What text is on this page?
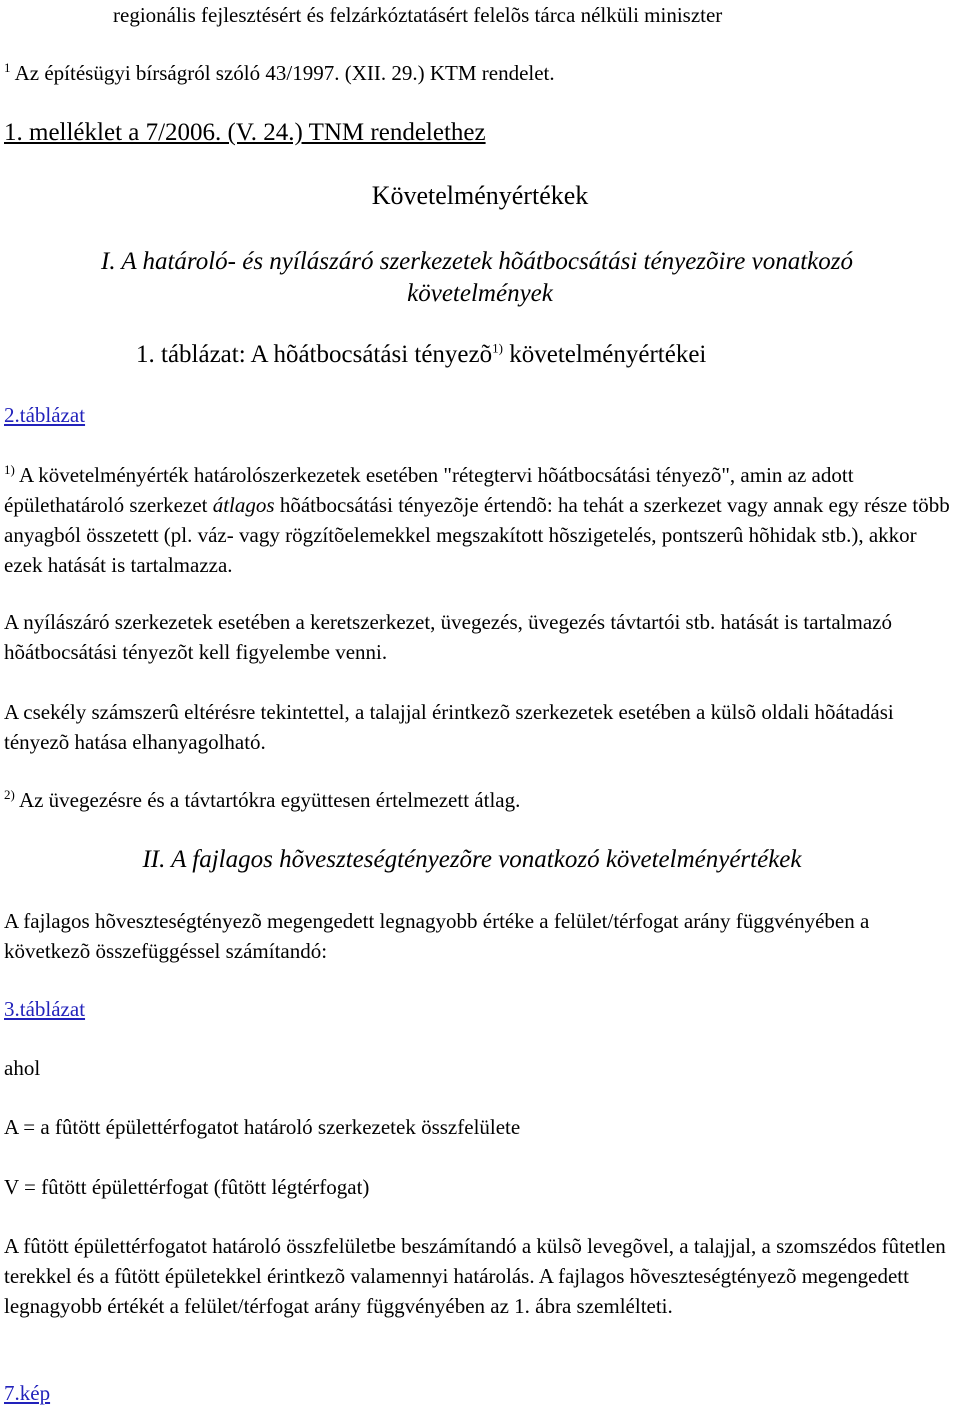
regionális fejlesztésért és felzárkóztatásért felelõs tárca nélküli miniszter
$^1$ Az építésügyi bírságról szóló 43/1997. (XII. 29.) KTM rendelet.
1. melléklet a 7/2006. (V. 24.) TNM rendelethez
Követelményértékek
I. A határoló- és nyílászáró szerkezetek hõátbocsátási tényezõire vonatkozó
követelmények
1. táblázat: A hõátbocsátási tényezõ$^{1)}$ követelményértékei
2.táblázat
$^{1)}$ A követelményérték határolószerkezetek esetében "rétegtervi hõátbocsátási tényezõ", amin az adott épülethatároló szerkezet átlagos hõátbocsátási tényezõje értendõ: ha tehát a szerkezet vagy annak egy része több anyagból összetett (pl. váz- vagy rögzítõelemekkel megszakított hõszigetelés, pontszerû hõhidak stb.), akkor ezek hatását is tartalmazza.
A nyílászáró szerkezetek esetében a keretszerkezet, üvegezés, üvegezés távtartói stb. hatását is tartalmazó hõátbocsátási tényezõt kell figyelembe venni.
A csekély számszerû eltérésre tekintettel, a talajjal érintkezõ szerkezetek esetében a külsõ oldali hõátadási tényezõ hatása elhanyagolható.
$^{2)}$ Az üvegezésre és a távtartókra együttesen értelmezett átlag.
II. A fajlagos hõveszteségtényezõre vonatkozó követelményértékek
A fajlagos hõveszteségtényezõ megengedett legnagyobb értéke a felület/térfogat arány függvényében a következõ összefüggéssel számítandó:
3.táblázat
ahol
A = a fûtött épülettérfogatot határoló szerkezetek összfelülete
V = fûtött épülettérfogat (fûtött légtérfogat)
A fûtött épülettérfogatot határoló összfelületbe beszámítandó a külsõ levegõvel, a talajjal, a szomszédos fûtetlen terekkel és a fûtött épületekkel érintkezõ valamennyi határolás. A fajlagos hõveszteségtényezõ megengedett legnagyobb értékét a felület/térfogat arány függvényében az 1. ábra szemlélteti.
7.kép
